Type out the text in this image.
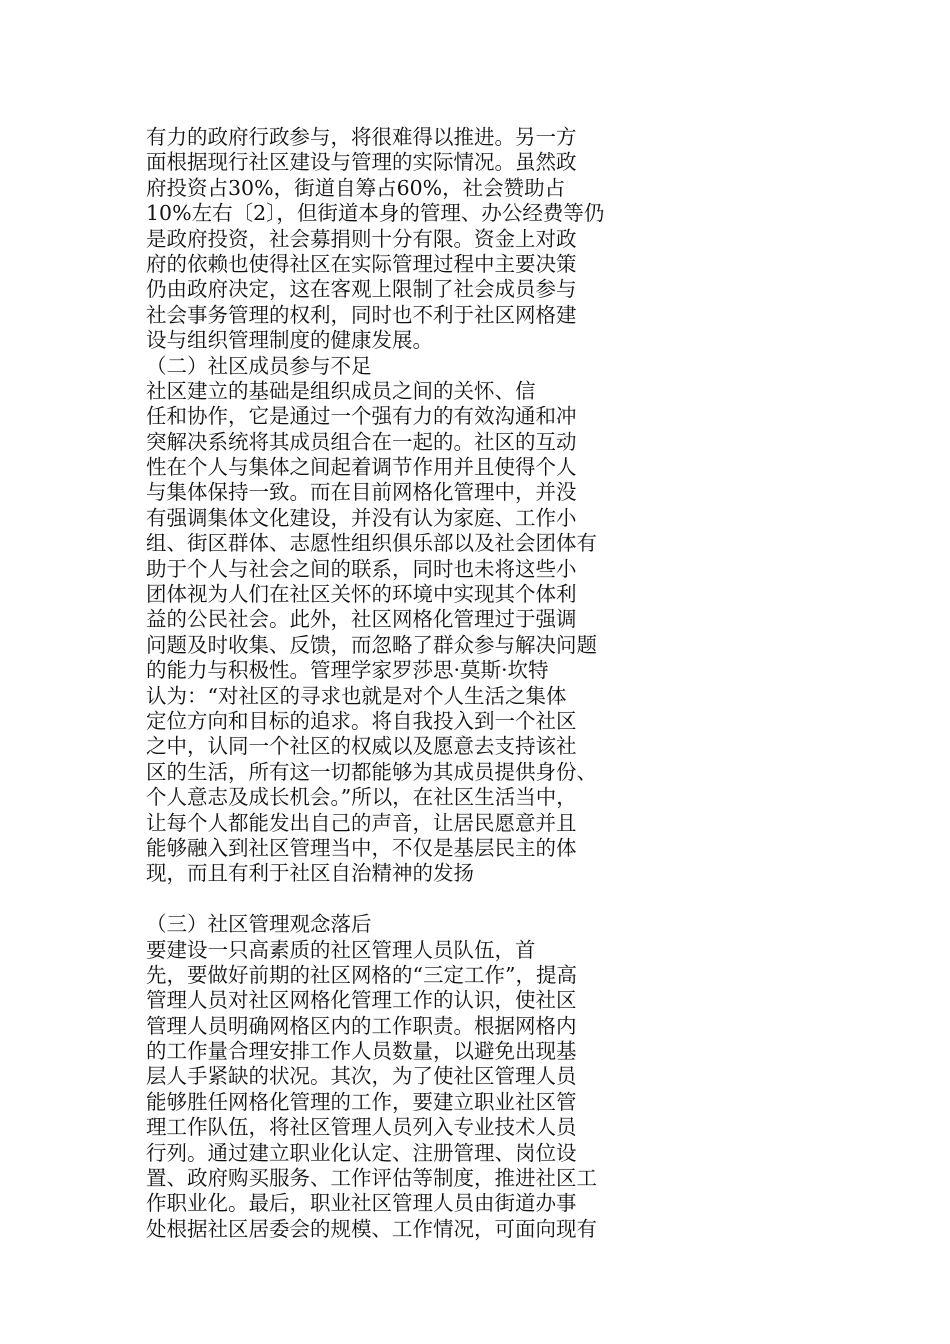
有力的政府行政参与，将很难得以推进。另一方
面根据现行社区建设与管理的实际情况。虽然政
府投资占30%，街道自筹占60%，社会赞助占
10%左右〔2〕，但街道本身的管理、办公经费等仍
是政府投资，社会募捐则十分有限。资金上对政
府的依赖也使得社区在实际管理过程中主要决策
仍由政府决定，这在客观上限制了社会成员参与
社会事务管理的权利，同时也不利于社区网格建
设与组织管理制度的健康发展。
（二）社区成员参与不足
社区建立的基础是组织成员之间的关怀、信
任和协作，它是通过一个强有力的有效沟通和冲
突解决系统将其成员组合在一起的。社区的互动
性在个人与集体之间起着调节作用并且使得个人
与集体保持一致。而在目前网格化管理中，并没
有强调集体文化建设，并没有认为家庭、工作小
组、街区群体、志愿性组织俱乐部以及社会团体有
助于个人与社会之间的联系，同时也未将这些小
团体视为人们在社区关怀的环境中实现其个体利
益的公民社会。此外，社区网格化管理过于强调
问题及时收集、反馈，而忽略了群众参与解决问题
的能力与积极性。管理学家罗莎思·莫斯·坎特
认为：“对社区的寻求也就是对个人生活之集体
定位方向和目标的追求。将自我投入到一个社区
之中，认同一个社区的权威以及愿意去支持该社
区的生活，所有这一切都能够为其成员提供身份、
个人意志及成长机会。”所以，在社区生活当中，
让每个人都能发出自己的声音，让居民愿意并且
能够融入到社区管理当中，不仅是基层民主的体
现，而且有利于社区自治精神的发扬
（三）社区管理观念落后
要建设一只高素质的社区管理人员队伍，首
先，要做好前期的社区网格的“三定工作”，提高
管理人员对社区网格化管理工作的认识，使社区
管理人员明确网格区内的工作职责。根据网格内
的工作量合理安排工作人员数量，以避免出现基
层人手紧缺的状况。其次，为了使社区管理人员
能够胜任网格化管理的工作，要建立职业社区管
理工作队伍，将社区管理人员列入专业技术人员
行列。通过建立职业化认定、注册管理、岗位设
置、政府购买服务、工作评估等制度，推进社区工
作职业化。最后，职业社区管理人员由街道办事
处根据社区居委会的规模、工作情况，可面向现有
